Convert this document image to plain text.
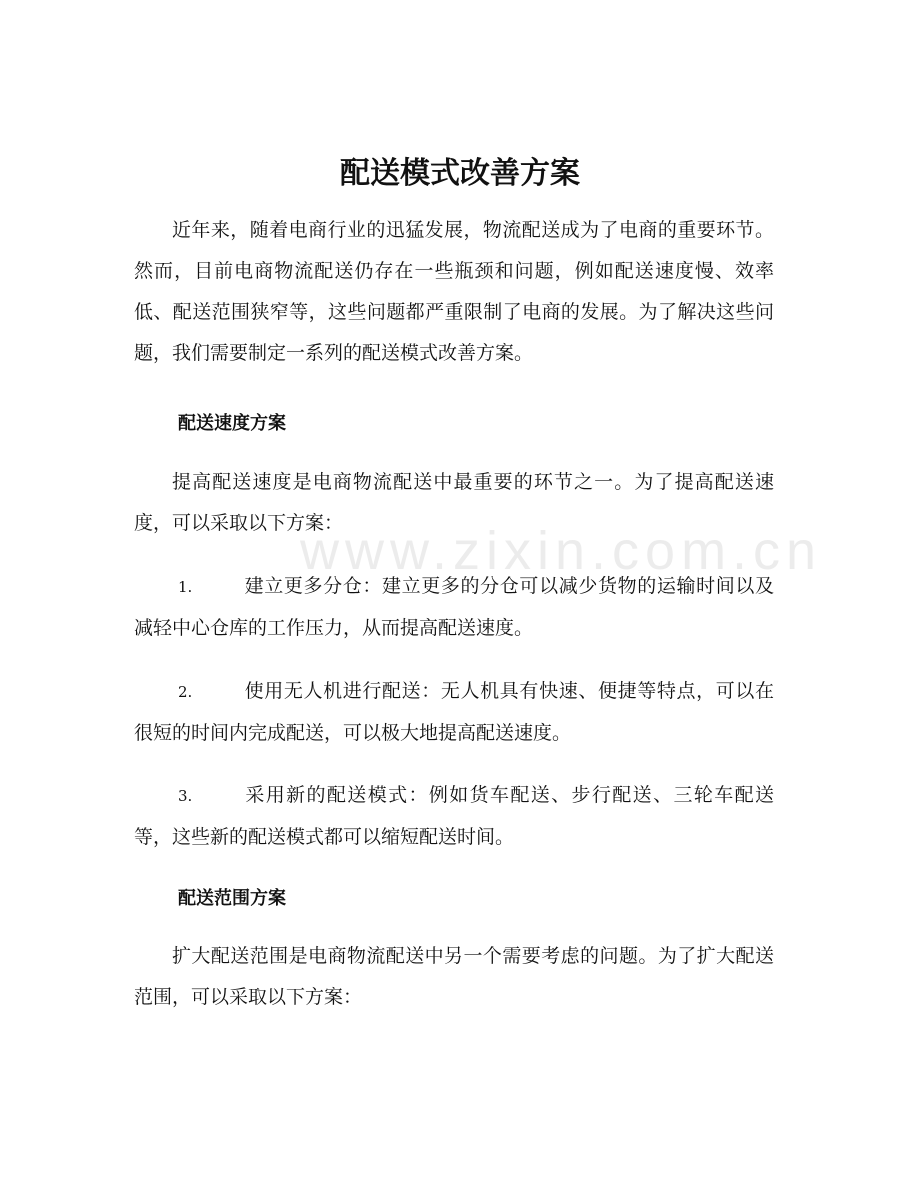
www.zixin.com.cn
配送模式改善方案

近年来，随着电商行业的迅猛发展，物流配送成为了电商的重要环节。然而，目前电商物流配送仍存在一些瓶颈和问题，例如配送速度慢、效率低、配送范围狭窄等，这些问题都严重限制了电商的发展。为了解决这些问题，我们需要制定一系列的配送模式改善方案。

配送速度方案

提高配送速度是电商物流配送中最重要的环节之一。为了提高配送速度，可以采取以下方案：

1.	建立更多分仓：建立更多的分仓可以减少货物的运输时间以及减轻中心仓库的工作压力，从而提高配送速度。

2.	使用无人机进行配送：无人机具有快速、便捷等特点，可以在很短的时间内完成配送，可以极大地提高配送速度。

3.	采用新的配送模式：例如货车配送、步行配送、三轮车配送等，这些新的配送模式都可以缩短配送时间。

配送范围方案

扩大配送范围是电商物流配送中另一个需要考虑的问题。为了扩大配送范围，可以采取以下方案：
